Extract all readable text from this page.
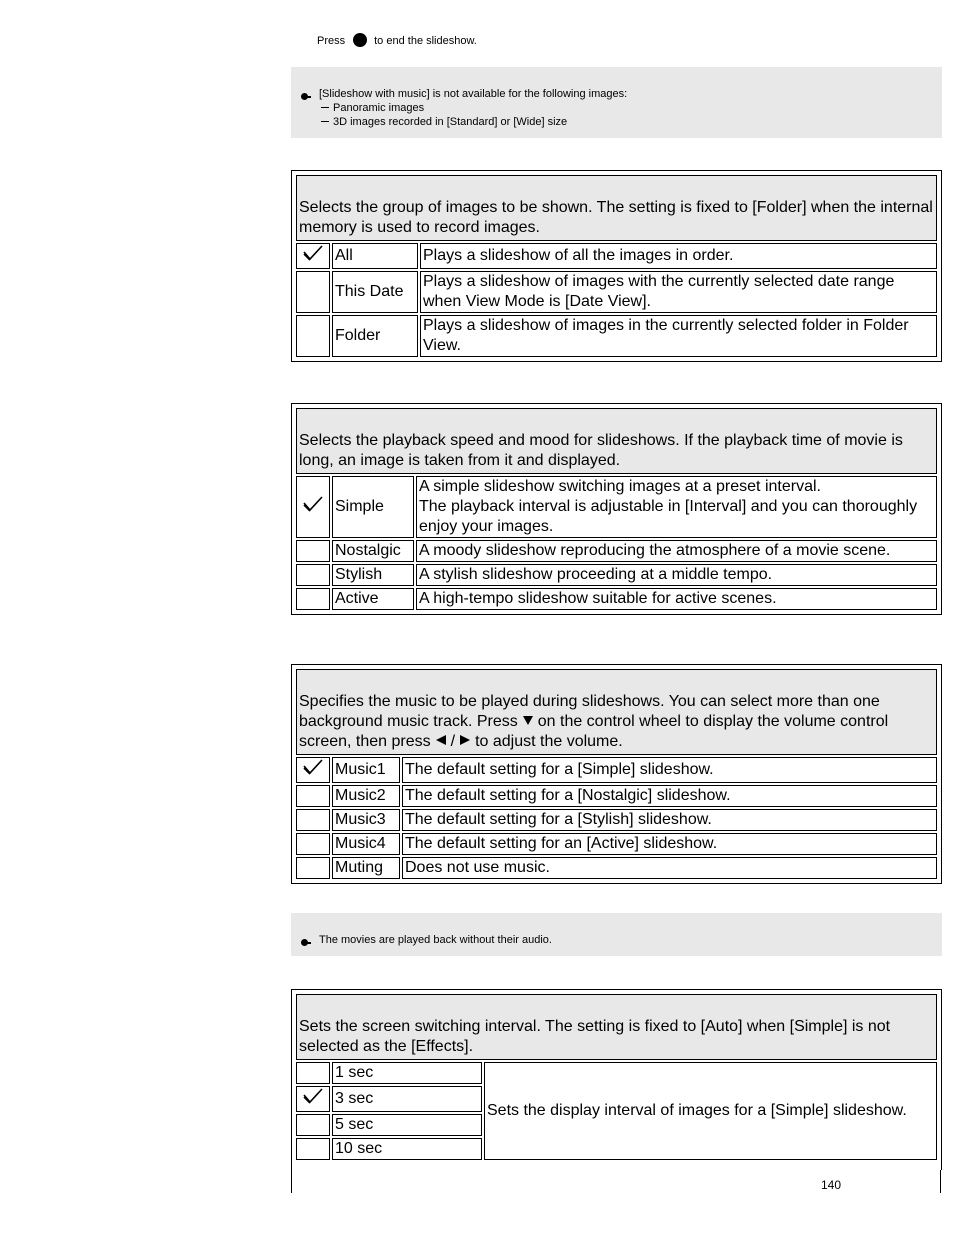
Press	to end the slideshow.
[Slideshow with music] is not available for the following images:
Panoramic images
3D images recorded in [Standard] or [Wide] size
Selects the group of images to be shown. The setting is fixed to [Folder] when the internal memory is used to record images.		

	All	Plays a slideshow of all the images in order.
	This Date	Plays a slideshow of images with the currently selected date range when View Mode is [Date View].
	Folder	Plays a slideshow of images in the currently selected folder in Folder View.
Selects the playback speed and mood for slideshows. If the playback time of movie is long, an image is taken from it and displayed.		

	Simple	A simple slideshow switching images at a preset interval.
The playback interval is adjustable in [Interval] and you can thoroughly enjoy your images.
	Nostalgic	A moody slideshow reproducing the atmosphere of a movie scene.
	Stylish	A stylish slideshow proceeding at a middle tempo.
	Active	A high-tempo slideshow suitable for active scenes.
Specifies the music to be played during slideshows. You can select more than one background music track. Press on the control wheel to display the volume control screen, then press / to adjust the volume.		

	Music1	The default setting for a [Simple] slideshow.
	Music2	The default setting for a [Nostalgic] slideshow.
	Music3	The default setting for a [Stylish] slideshow.
	Music4	The default setting for an [Active] slideshow.
	Muting	Does not use music.
The movies are played back without their audio.
Sets the screen switching interval. The setting is fixed to [Auto] when [Simple] is not selected as the [Effects].		
	1 sec	Sets the display interval of images for a [Simple] slideshow.

	3 sec	
	5 sec	
	10 sec	
140
